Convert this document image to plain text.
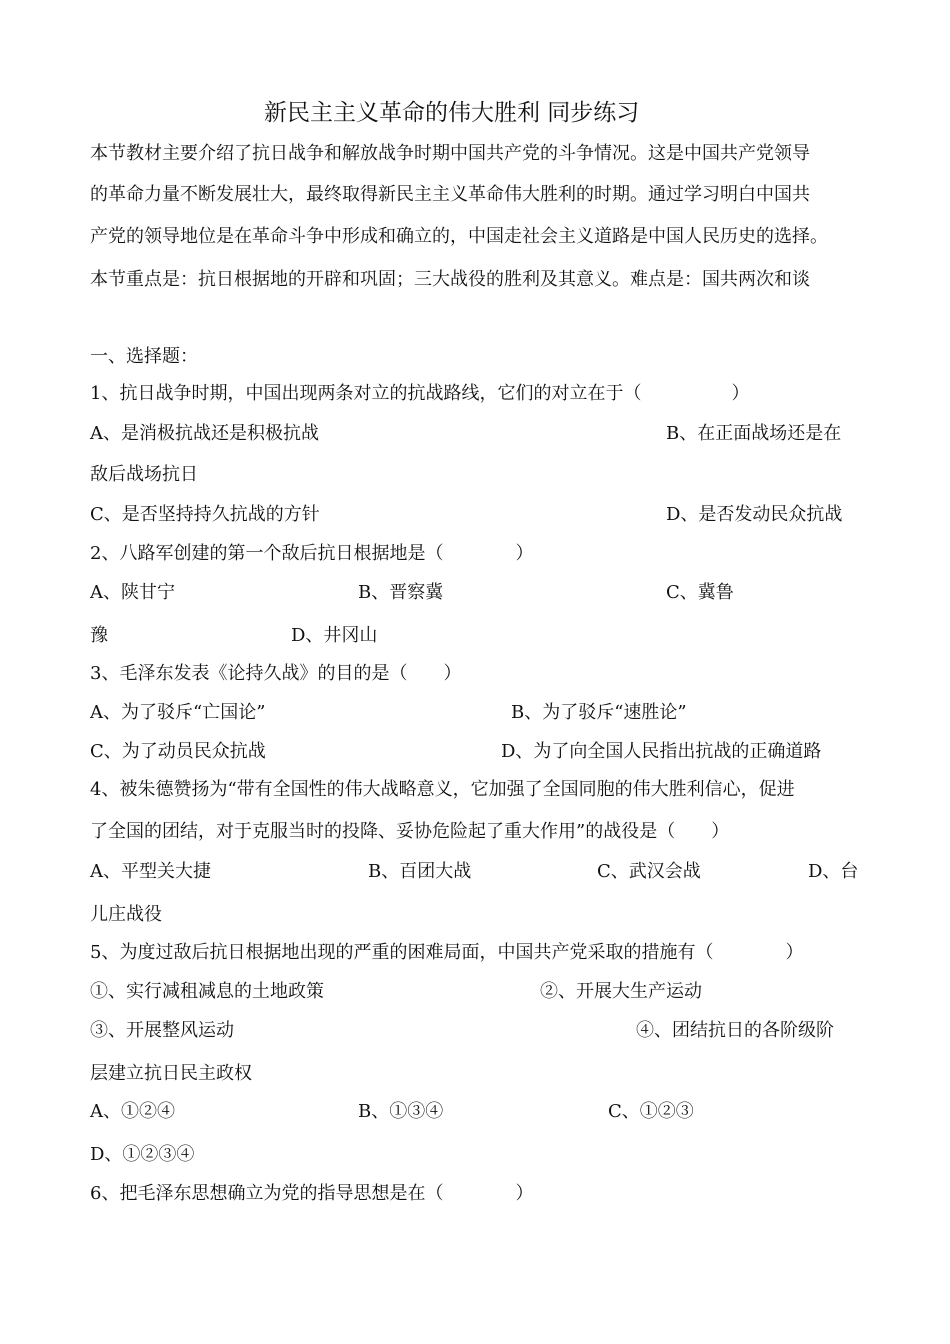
新民主主义革命的伟大胜利 同步练习
本节教材主要介绍了抗日战争和解放战争时期中国共产党的斗争情况。这是中国共产党领导
的革命力量不断发展壮大，最终取得新民主主义革命伟大胜利的时期。通过学习明白中国共
产党的领导地位是在革命斗争中形成和确立的，中国走社会主义道路是中国人民历史的选择。
本节重点是：抗日根据地的开辟和巩固；三大战役的胜利及其意义。难点是：国共两次和谈
一、选择题：
1、抗日战争时期，中国出现两条对立的抗战路线，它们的对立在于（　　　　　）
A、是消极抗战还是积极抗战	B、在正面战场还是在
敌后战场抗日
C、是否坚持持久抗战的方针	D、是否发动民众抗战
2、八路军创建的第一个敌后抗日根据地是（　　　　）
A、陕甘宁	B、晋察冀	C、冀鲁
豫	D、井冈山
3、毛泽东发表《论持久战》的目的是（　　）
A、为了驳斥“亡国论”	B、为了驳斥“速胜论”
C、为了动员民众抗战	D、为了向全国人民指出抗战的正确道路
4、被朱德赞扬为“带有全国性的伟大战略意义，它加强了全国同胞的伟大胜利信心，促进
了全国的团结，对于克服当时的投降、妥协危险起了重大作用”的战役是（　　）
A、平型关大捷	B、百团大战	C、武汉会战	D、台
儿庄战役
5、为度过敌后抗日根据地出现的严重的困难局面，中国共产党采取的措施有（　　　　）
①、实行减租减息的土地政策	②、开展大生产运动
③、开展整风运动	④、团结抗日的各阶级阶
层建立抗日民主政权
A、①②④	B、①③④	C、①②③
D、①②③④
6、把毛泽东思想确立为党的指导思想是在（　　　　）
